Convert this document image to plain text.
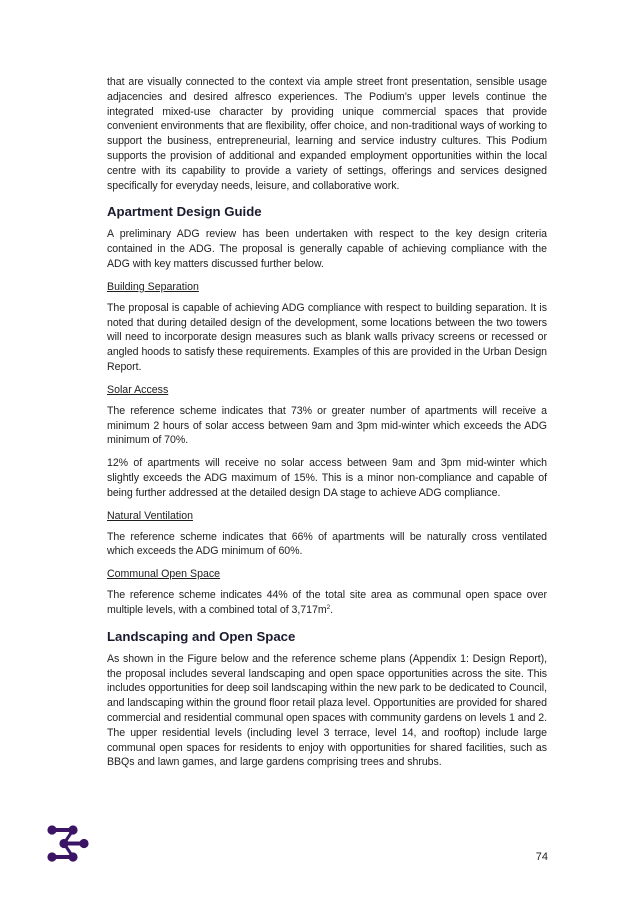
that are visually connected to the context via ample street front presentation, sensible usage adjacencies and desired alfresco experiences. The Podium’s upper levels continue the integrated mixed-use character by providing unique commercial spaces that provide convenient environments that are flexibility, offer choice, and non-traditional ways of working to support the business, entrepreneurial, learning and service industry cultures. This Podium supports the provision of additional and expanded employment opportunities within the local centre with its capability to provide a variety of settings, offerings and services designed specifically for everyday needs, leisure, and collaborative work.

Apartment Design Guide

A preliminary ADG review has been undertaken with respect to the key design criteria contained in the ADG. The proposal is generally capable of achieving compliance with the ADG with key matters discussed further below.

Building Separation

The proposal is capable of achieving ADG compliance with respect to building separation. It is noted that during detailed design of the development, some locations between the two towers will need to incorporate design measures such as blank walls privacy screens or recessed or angled hoods to satisfy these requirements. Examples of this are provided in the Urban Design Report.

Solar Access

The reference scheme indicates that 73% or greater number of apartments will receive a minimum 2 hours of solar access between 9am and 3pm mid-winter which exceeds the ADG minimum of 70%.

12% of apartments will receive no solar access between 9am and 3pm mid-winter which slightly exceeds the ADG maximum of 15%. This is a minor non-compliance and capable of being further addressed at the detailed design DA stage to achieve ADG compliance.

Natural Ventilation

The reference scheme indicates that 66% of apartments will be naturally cross ventilated which exceeds the ADG minimum of 60%.

Communal Open Space

The reference scheme indicates 44% of the total site area as communal open space over multiple levels, with a combined total of $3,717m^2$.

Landscaping and Open Space

As shown in the Figure below and the reference scheme plans (Appendix 1: Design Report), the proposal includes several landscaping and open space opportunities across the site. This includes opportunities for deep soil landscaping within the new park to be dedicated to Council, and landscaping within the ground floor retail plaza level. Opportunities are provided for shared commercial and residential communal open spaces with community gardens on levels 1 and 2. The upper residential levels (including level 3 terrace, level 14, and rooftop) include large communal open spaces for residents to enjoy with opportunities for shared facilities, such as BBQs and lawn games, and large gardens comprising trees and shrubs.

74
